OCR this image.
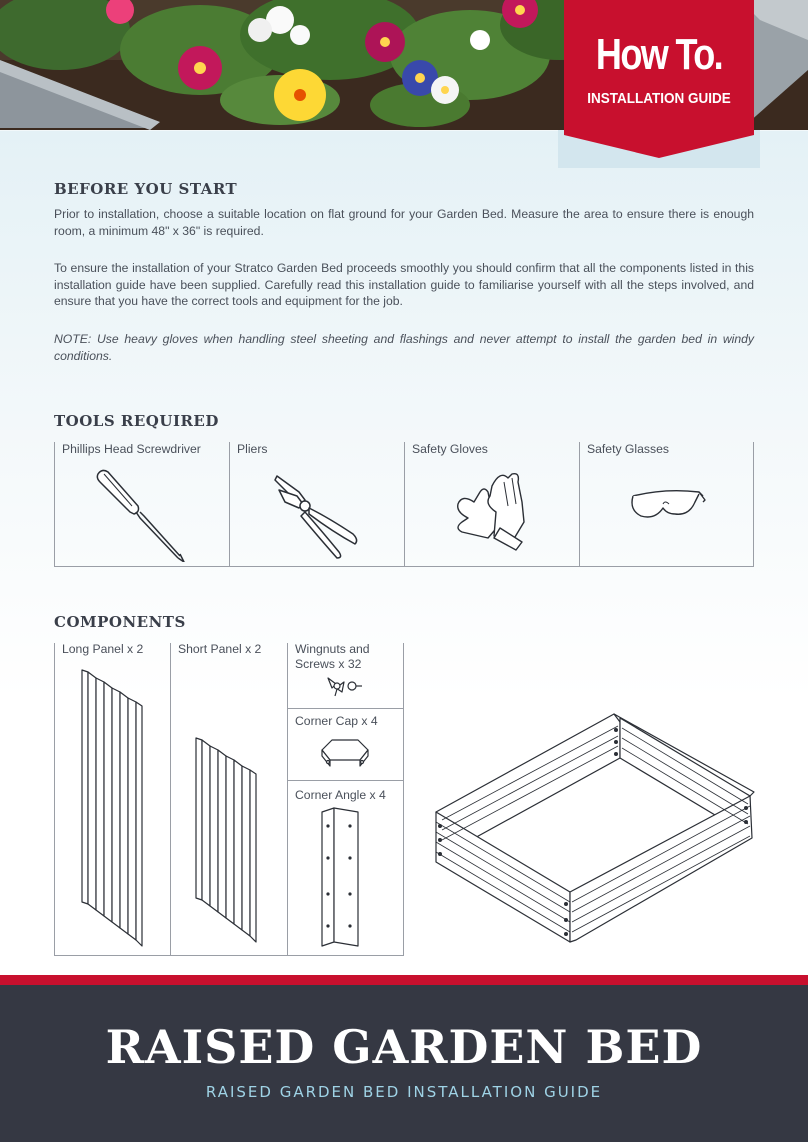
How To.
INSTALLATION GUIDE
BEFORE YOU START

Prior to installation, choose a suitable location on flat ground for your Garden Bed. Measure the area to ensure there is enough room, a minimum 48" x 36" is required.

To ensure the installation of your Stratco Garden Bed proceeds smoothly you should confirm that all the components listed in this installation guide have been supplied. Carefully read this installation guide to familiarise yourself with all the steps involved, and ensure that you have the correct tools and equipment for the job.

NOTE: Use heavy gloves when handling steel sheeting and flashings and never attempt to install the garden bed in windy conditions.

TOOLS REQUIRED
Phillips Head Screwdriver	Pliers	Safety Gloves	Safety Glasses
COMPONENTS

Long Panel x 2	Short Panel x 2	Wingnuts and Screws x 32

Corner Cap x 4

Corner Angle x 4

RAISED GARDEN BED

RAISED GARDEN BED INSTALLATION GUIDE
